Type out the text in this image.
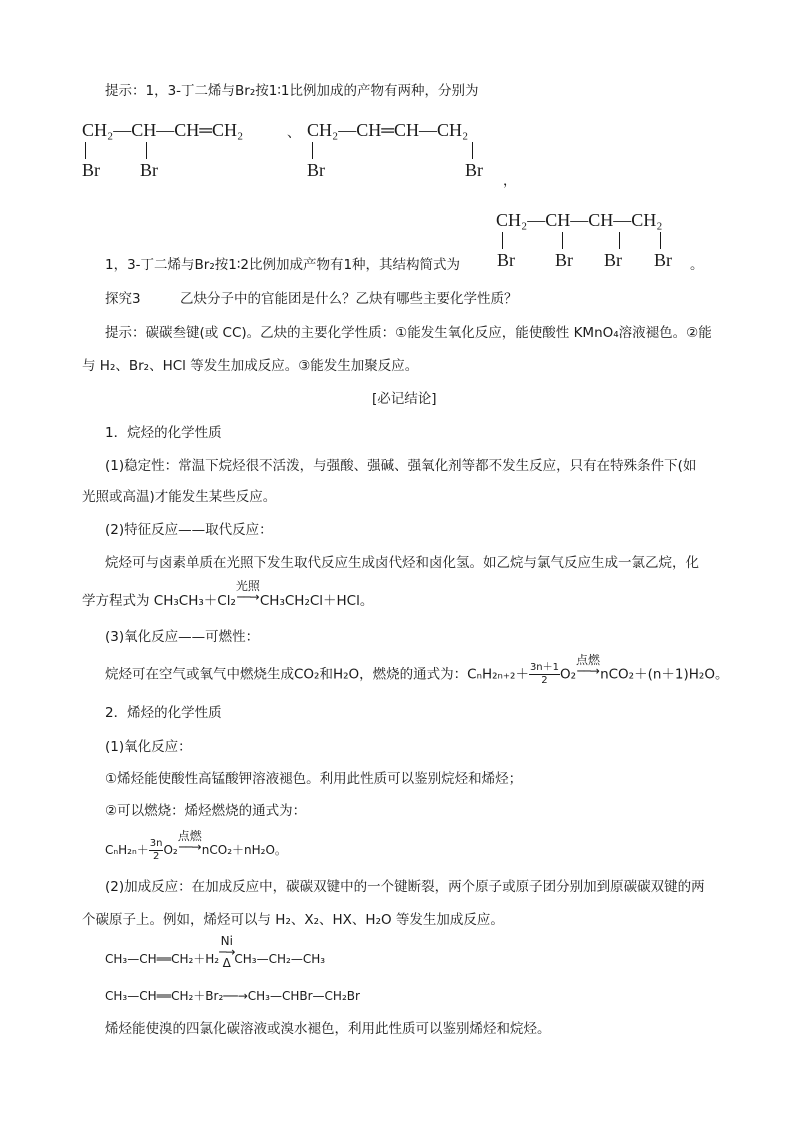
提示：1，3-丁二烯与Br₂按1∶1比例加成的产物有两种，分别为
CH₂—CH—CH═CH₂
Br Br
、 CH₂—CH═CH—CH₂
Br	Br
，
CH₂—CH—CH—CH₂
Br Br Br Br
1，3-丁二烯与Br₂按1∶2比例加成产物有1种，其结构简式为	。
探究3	乙炔分子中的官能团是什么？乙炔有哪些主要化学性质？
提示：碳碳叁键(或 CC)。乙炔的主要化学性质：①能发生氧化反应，能使酸性 KMnO₄溶液褪色。②能
与 H₂、Br₂、HCl 等发生加成反应。③能发生加聚反应。
[必记结论]
1．烷烃的化学性质
(1)稳定性：常温下烷烃很不活泼，与强酸、强碱、强氧化剂等都不发生反应，只有在特殊条件下(如
光照或高温)才能发生某些反应。
(2)特征反应——取代反应：
烷烃可与卤素单质在光照下发生取代反应生成卤代烃和卤化氢。如乙烷与氯气反应生成一氯乙烷，化
学方程式为 CH₃CH₃＋Cl₂
光照
──→ CH₃CH₂Cl＋HCl。
(3)氧化反应——可燃性：
烷烃可在空气或氧气中燃烧生成CO₂和H₂O，燃烧的通式为：$C_nH_{2n+2}+ \frac{3n+1}{2} O_2$
点燃
──→ nCO₂＋(n＋1)H₂O。
2．烯烃的化学性质
(1)氧化反应：
①烯烃能使酸性高锰酸钾溶液褪色。利用此性质可以鉴别烷烃和烯烃；
②可以燃烧：烯烃燃烧的通式为：
$C_nH_{2n}+ \frac{3n}{2} O_2$
点燃
──→ nCO₂＋nH₂O。
(2)加成反应：在加成反应中，碳碳双键中的一个键断裂，两个原子或原子团分别加到原碳碳双键的两
个碳原子上。例如，烯烃可以与 H₂、X₂、HX、H₂O 等发生加成反应。
CH₃—CH══CH₂＋H₂
Ni
─→
Δ CH₃—CH₂—CH₃
CH₃—CH══CH₂＋Br₂──→CH₃—CHBr—CH₂Br
烯烃能使溴的四氯化碳溶液或溴水褪色，利用此性质可以鉴别烯烃和烷烃。
